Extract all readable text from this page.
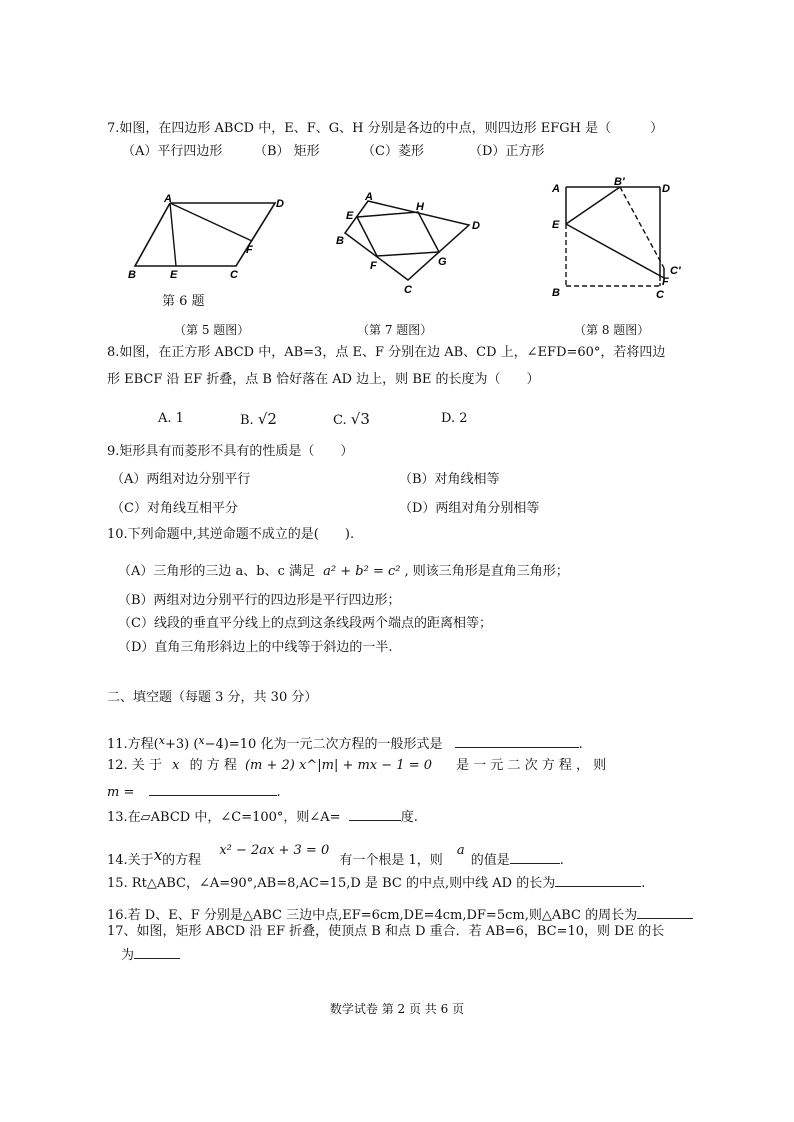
7.如图，在四边形 ABCD 中，E、F、G、H 分别是各边的中点，则四边形 EFGH 是（　　　）
（A）平行四边形 （B） 矩形	（C）菱形	（D）正方形
A	D
B	E	C
F
第 6 题
（第 5 题图）
A
E
H
D
B
F	G
C
（第 7 题图）
A
B′
D
E
C′
F
B	C
（第 8 题图）
8.如图，在正方形 ABCD 中，AB=3，点 E、F 分别在边 AB、CD 上，∠EFD=60°，若将四边
形 EBCF 沿 EF 折叠，点 B 恰好落在 AD 边上，则 BE 的长度为（　　）
A. 1	B. √2	C. √3	D. 2
9.矩形具有而菱形不具有的性质是（　　）
（A）两组对边分别平行	（B）对角线相等
（C）对角线互相平分	（D）两组对角分别相等
10.下列命题中,其逆命题不成立的是(　　).
（A）三角形的三边 a、b、c 满足 a² + b² = c² , 则该三角形是直角三角形；
（B）两组对边分别平行的四边形是平行四边形；
（C）线段的垂直平分线上的点到这条线段两个端点的距离相等；
（D）直角三角形斜边上的中线等于斜边的一半.
二、填空题（每题 3 分，共 30 分）
11.方程($^x$+3) ($^x$−4)=10 化为一元二次方程的一般形式是	.
12. 关 于 x 的 方 程 (m + 2) x^|m| + mx − 1 = 0 是 一 元 二 次 方 程 ， 则
m =	.
13.在▱ABCD 中，∠C=100°，则∠A=	度.
14.关于x的方程 x² − 2ax + 3 = 0 有一个根是 1，则 a的值是	.
15. Rt△ABC，∠A=90°,AB=8,AC=15,D 是 BC 的中点,则中线 AD 的长为	.
16.若 D、E、F 分别是△ABC 三边中点,EF=6cm,DE=4cm,DF=5cm,则△ABC 的周长为
17、如图，矩形 ABCD 沿 EF 折叠，使顶点 B 和点 D 重合．若 AB=6，BC=10，则 DE 的长
为
数学试卷 第 2 页 共 6 页
